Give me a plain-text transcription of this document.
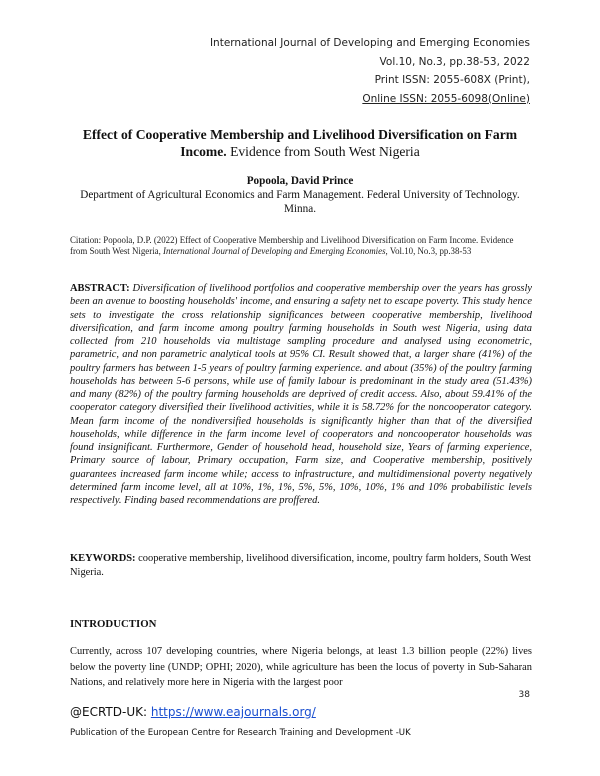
International Journal of Developing and Emerging Economies
Vol.10, No.3, pp.38-53, 2022
Print ISSN: 2055-608X (Print),
Online ISSN: 2055-6098(Online)
Effect of Cooperative Membership and Livelihood Diversification on Farm Income. Evidence from South West Nigeria
Popoola, David Prince
Department of Agricultural Economics and Farm Management. Federal University of Technology. Minna.
Citation: Popoola, D.P. (2022) Effect of Cooperative Membership and Livelihood Diversification on Farm Income. Evidence from South West Nigeria, International Journal of Developing and Emerging Economies, Vol.10, No.3, pp.38-53
ABSTRACT: Diversification of livelihood portfolios and cooperative membership over the years has grossly been an avenue to boosting households' income, and ensuring a safety net to escape poverty. This study hence sets to investigate the cross relationship significances between cooperative membership, livelihood diversification, and farm income among poultry farming households in South west Nigeria, using data collected from 210 households via multistage sampling procedure and analysed using econometric, parametric, and non parametric analytical tools at 95% CI. Result showed that, a larger share (41%) of the poultry farmers has between 1-5 years of poultry farming experience. and about (35%) of the poultry farming households has between 5-6 persons, while use of family labour is predominant in the study area (51.43%) and many (82%) of the poultry farming households are deprived of credit access. Also, about 59.41% of the cooperator category diversified their livelihood activities, while it is 58.72% for the noncooperator category. Mean farm income of the nondiversified households is significantly higher than that of the diversified households, while difference in the farm income level of cooperators and noncooperator households was found insignificant. Furthermore, Gender of household head, household size, Years of farming experience, Primary source of labour, Primary occupation, Farm size, and Cooperative membership, positively guarantees increased farm income while; access to infrastructure, and multidimensional poverty negatively determined farm income level, all at 10%, 1%, 1%, 5%, 5%, 10%, 10%, 1% and 10% probabilistic levels respectively. Finding based recommendations are proffered.
KEYWORDS: cooperative membership, livelihood diversification, income, poultry farm holders, South West Nigeria.
INTRODUCTION
Currently, across 107 developing countries, where Nigeria belongs, at least 1.3 billion people (22%) lives below the poverty line (UNDP; OPHI; 2020), while agriculture has been the locus of poverty in Sub-Saharan Nations, and relatively more here in Nigeria with the largest poor
38
@ECRTD-UK: https://www.eajournals.org/
Publication of the European Centre for Research Training and Development -UK
